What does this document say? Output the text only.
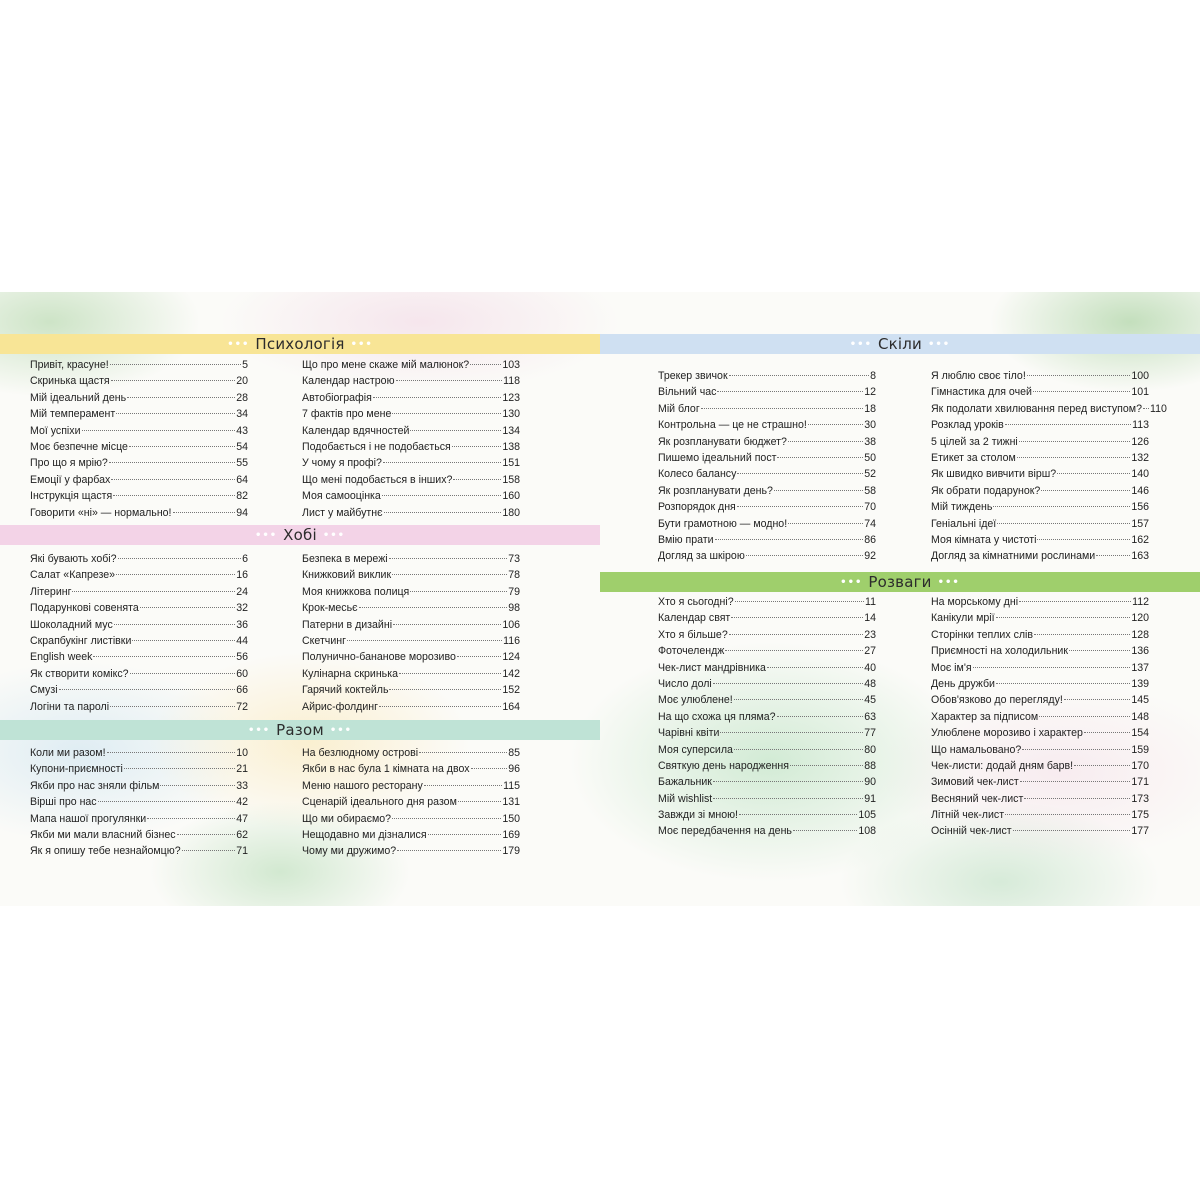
••• Психологія •••
Привіт, красуне!	5
Скринька щастя	20
Мій ідеальний день	28
Мій темперамент	34
Мої успіхи	43
Моє безпечне місце	54
Про що я мрію?	55
Емоції у фарбах	64
Інструкція щастя	82
Говорити «ні» — нормально!	94
Що про мене скаже мій малюнок?	103
Календар настрою	118
Автобіографія	123
7 фактів про мене	130
Календар вдячностей	134
Подобається і не подобається	138
У чому я профі?	151
Що мені подобається в інших?	158
Моя самооцінка	160
Лист у майбутнє	180
••• Хобі •••
Які бувають хобі?	6
Салат «Капрезе»	16
Літеринг	24
Подарункові совенята	32
Шоколадний мус	36
Скрапбукінг листівки	44
English week	56
Як створити комікс?	60
Смузі	66
Логіни та паролі	72
Безпека в мережі	73
Книжковий виклик	78
Моя книжкова полиця	79
Крок-месьє	98
Патерни в дизайні	106
Скетчинг	116
Полунично-бананове морозиво	124
Кулінарна скринька	142
Гарячий коктейль	152
Айрис-фолдинг	164
••• Разом •••
Коли ми разом!	10
Купони-приємності	21
Якби про нас зняли фільм	33
Вірші про нас	42
Мапа нашої прогулянки	47
Якби ми мали власний бізнес	62
Як я опишу тебе незнайомцю?	71
На безлюдному острові	85
Якби в нас була 1 кімната на двох	96
Меню нашого ресторану	115
Сценарій ідеального дня разом	131
Що ми обираємо?	150
Нещодавно ми дізналися	169
Чому ми дружимо?	179
••• Скіли •••
Трекер звичок	8
Вільний час	12
Мій блог	18
Контрольна — це не страшно!	30
Як розпланувати бюджет?	38
Пишемо ідеальний пост	50
Колесо балансу	52
Як розпланувати день?	58
Розпорядок дня	70
Бути грамотною — модно!	74
Вмію прати	86
Догляд за шкірою	92
Я люблю своє тіло!	100
Гімнастика для очей	101
Як подолати хвилювання перед виступом? 110
Розклад уроків	113
5 цілей за 2 тижні	126
Етикет за столом	132
Як швидко вивчити вірш?	140
Як обрати подарунок?	146
Мій тиждень	156
Геніальні ідеї	157
Моя кімната у чистоті	162
Догляд за кімнатними рослинами	163
••• Розваги •••
Хто я сьогодні?	11
Календар свят	14
Хто я більше?	23
Фоточелендж	27
Чек-лист мандрівника	40
Число долі	48
Моє улюблене!	45
На що схожа ця пляма?	63
Чарівні квіти	77
Моя суперсила	80
Святкую день народження	88
Бажальник	90
Мій wishlist	91
Завжди зі мною!	105
Моє передбачення на день	108
На морському дні	112
Канікули мрії	120
Сторінки теплих слів	128
Приємності на холодильник	136
Моє ім'я	137
День дружби	139
Обов'язково до перегляду!	145
Характер за підписом	148
Улюблене морозиво і характер	154
Що намальовано?	159
Чек-листи: додай дням барв!	170
Зимовий чек-лист	171
Весняний чек-лист	173
Літній чек-лист	175
Осінній чек-лист	177
